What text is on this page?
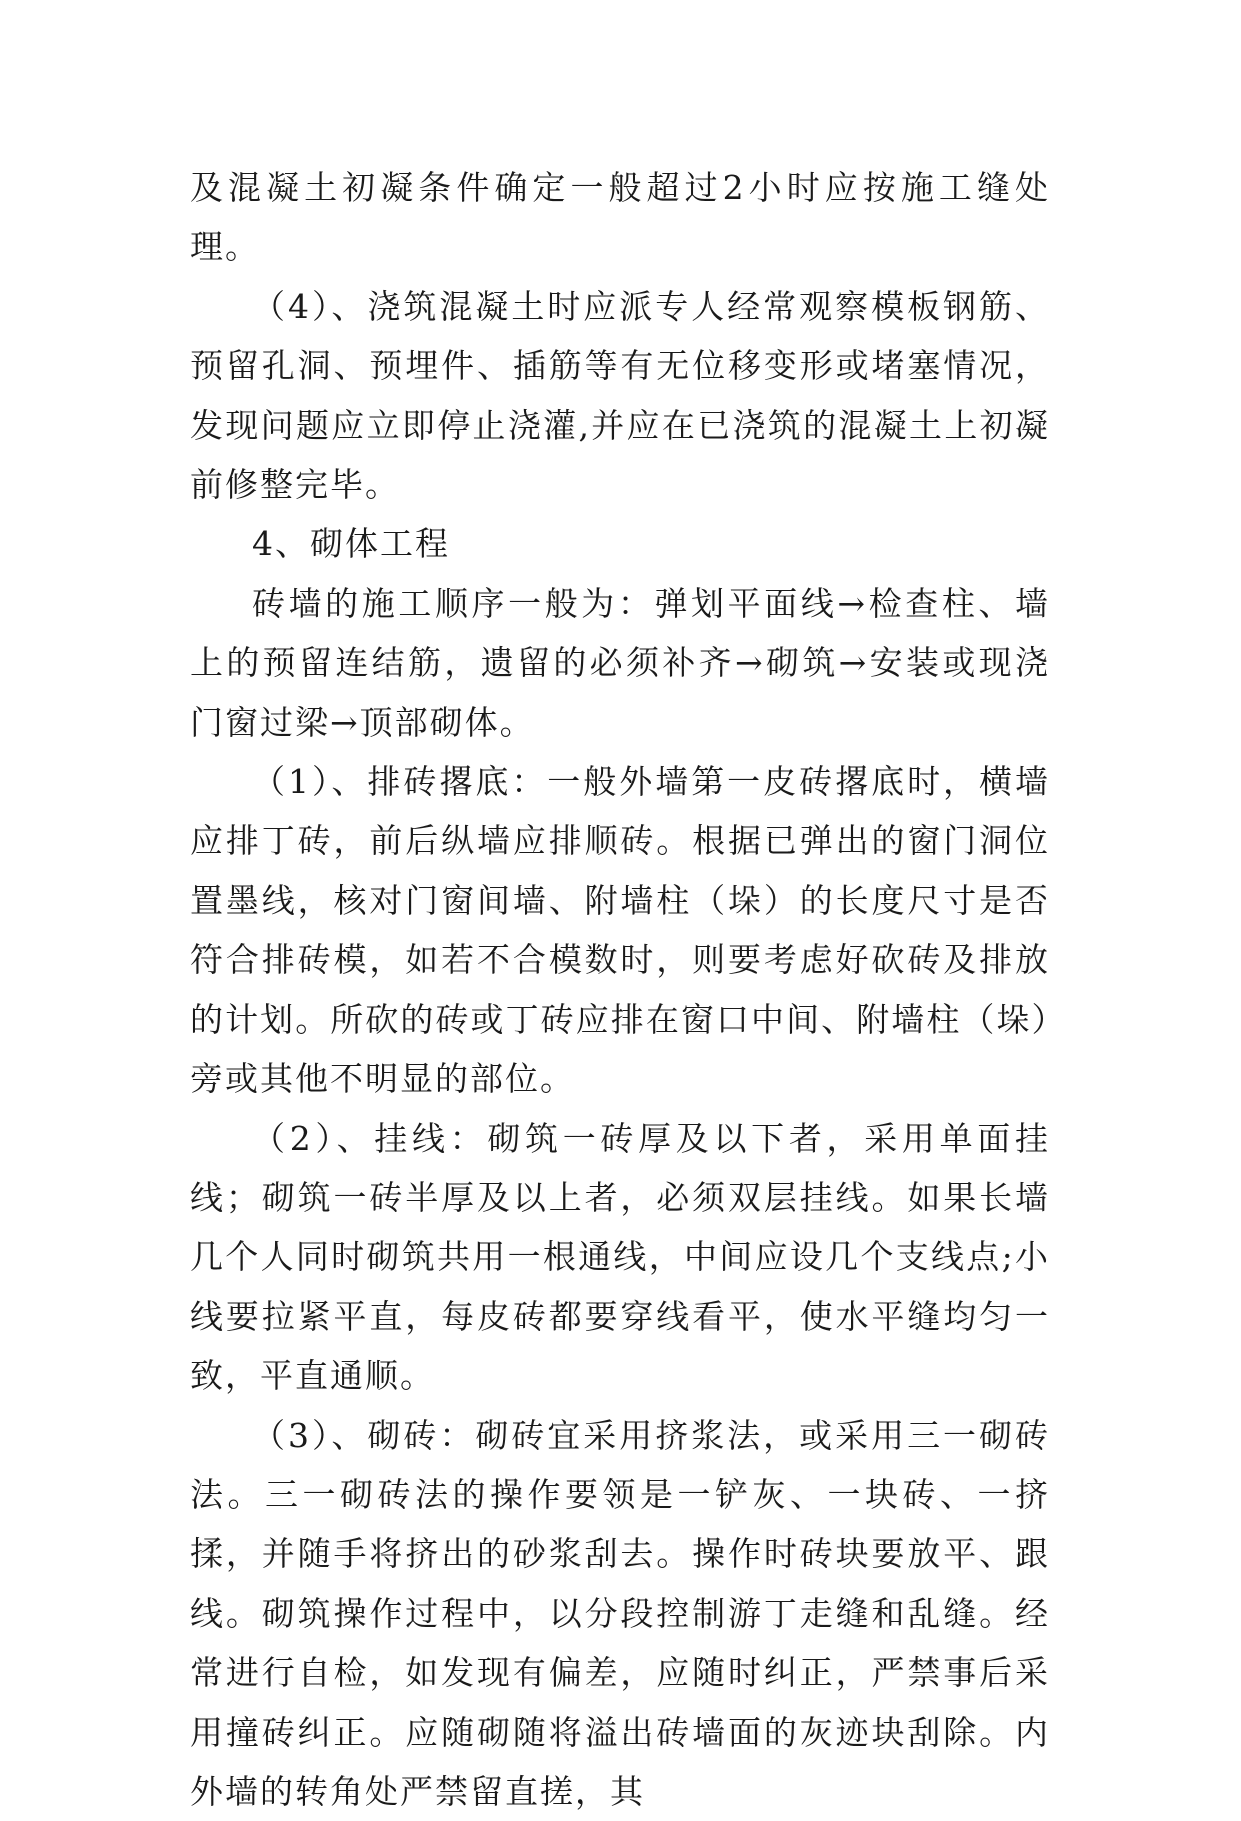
及混凝土初凝条件确定一般超过2小时应按施工缝处理。

（4）、浇筑混凝土时应派专人经常观察模板钢筋、预留孔洞、预埋件、插筋等有无位移变形或堵塞情况，发现问题应立即停止浇灌,并应在已浇筑的混凝土上初凝前修整完毕。

4、砌体工程

砖墙的施工顺序一般为：弹划平面线→检查柱、墙上的预留连结筋，遗留的必须补齐→砌筑→安装或现浇门窗过梁→顶部砌体。

（1）、排砖撂底：一般外墙第一皮砖撂底时，横墙应排丁砖，前后纵墙应排顺砖。根据已弹出的窗门洞位置墨线，核对门窗间墙、附墙柱（垛）的长度尺寸是否符合排砖模，如若不合模数时，则要考虑好砍砖及排放的计划。所砍的砖或丁砖应排在窗口中间、附墙柱（垛）旁或其他不明显的部位。

（2）、挂线：砌筑一砖厚及以下者，采用单面挂线；砌筑一砖半厚及以上者，必须双层挂线。如果长墙几个人同时砌筑共用一根通线，中间应设几个支线点;小线要拉紧平直，每皮砖都要穿线看平，使水平缝均匀一致，平直通顺。

（3）、砌砖：砌砖宜采用挤浆法，或采用三一砌砖法。三一砌砖法的操作要领是一铲灰、一块砖、一挤揉，并随手将挤出的砂浆刮去。操作时砖块要放平、跟线。砌筑操作过程中，以分段控制游丁走缝和乱缝。经常进行自检，如发现有偏差，应随时纠正，严禁事后采用撞砖纠正。应随砌随将溢出砖墙面的灰迹块刮除。内外墙的转角处严禁留直搓，其
